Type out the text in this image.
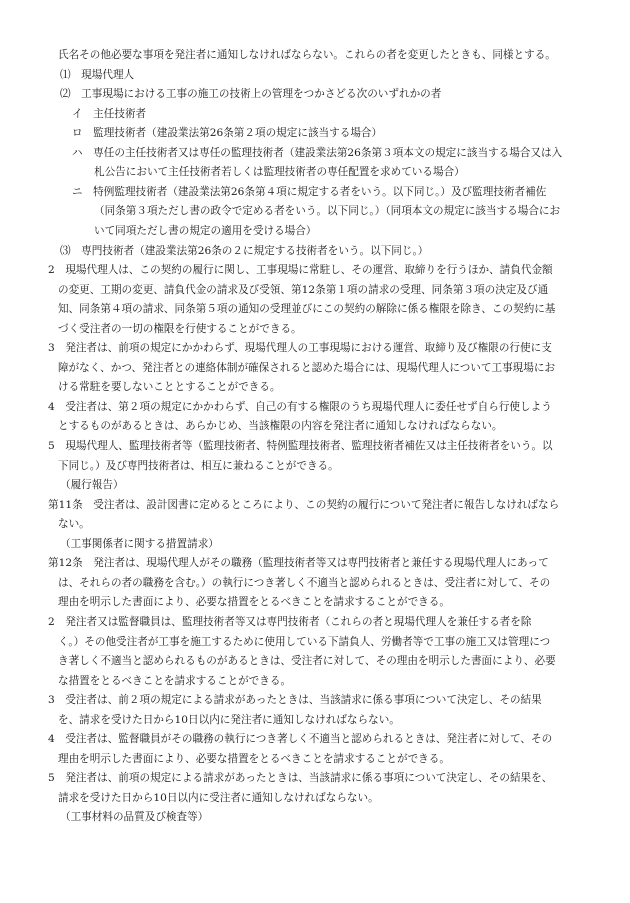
氏名その他必要な事項を発注者に通知しなければならない。これらの者を変更したときも、同様とする。
⑴　現場代理人
⑵　工事現場における工事の施工の技術上の管理をつかさどる次のいずれかの者
イ　主任技術者
ロ　監理技術者（建設業法第26条第２項の規定に該当する場合）
ハ　専任の主任技術者又は専任の監理技術者（建設業法第26条第３項本文の規定に該当する場合又は入
札公告において主任技術者若しくは監理技術者の専任配置を求めている場合）
ニ　特例監理技術者（建設業法第26条第４項に規定する者をいう。以下同じ。）及び監理技術者補佐
（同条第３項ただし書の政令で定める者をいう。以下同じ。）（同項本文の規定に該当する場合にお
いて同項ただし書の規定の適用を受ける場合）
⑶　専門技術者（建設業法第26条の２に規定する技術者をいう。以下同じ。）
2　現場代理人は、この契約の履行に関し、工事現場に常駐し、その運営、取締りを行うほか、請負代金額
の変更、工期の変更、請負代金の請求及び受領、第12条第１項の請求の受理、同条第３項の決定及び通
知、同条第４項の請求、同条第５項の通知の受理並びにこの契約の解除に係る権限を除き、この契約に基
づく受注者の一切の権限を行使することができる。
3　発注者は、前項の規定にかかわらず、現場代理人の工事現場における運営、取締り及び権限の行使に支
障がなく、かつ、発注者との連絡体制が確保されると認めた場合には、現場代理人について工事現場にお
ける常駐を要しないこととすることができる。
4　受注者は、第２項の規定にかかわらず、自己の有する権限のうち現場代理人に委任せず自ら行使しよう
とするものがあるときは、あらかじめ、当該権限の内容を発注者に通知しなければならない。
5　現場代理人、監理技術者等（監理技術者、特例監理技術者、監理技術者補佐又は主任技術者をいう。以
下同じ。）及び専門技術者は、相互に兼ねることができる。
（履行報告）
第11条　受注者は、設計図書に定めるところにより、この契約の履行について発注者に報告しなければなら
ない。
（工事関係者に関する措置請求）
第12条　発注者は、現場代理人がその職務（監理技術者等又は専門技術者と兼任する現場代理人にあって
は、それらの者の職務を含む。）の執行につき著しく不適当と認められるときは、受注者に対して、その
理由を明示した書面により、必要な措置をとるべきことを請求することができる。
2　発注者又は監督職員は、監理技術者等又は専門技術者（これらの者と現場代理人を兼任する者を除
く。）その他受注者が工事を施工するために使用している下請負人、労働者等で工事の施工又は管理につ
き著しく不適当と認められるものがあるときは、受注者に対して、その理由を明示した書面により、必要
な措置をとるべきことを請求することができる。
3　受注者は、前２項の規定による請求があったときは、当該請求に係る事項について決定し、その結果
を、請求を受けた日から10日以内に発注者に通知しなければならない。
4　受注者は、監督職員がその職務の執行につき著しく不適当と認められるときは、発注者に対して、その
理由を明示した書面により、必要な措置をとるべきことを請求することができる。
5　発注者は、前項の規定による請求があったときは、当該請求に係る事項について決定し、その結果を、
請求を受けた日から10日以内に受注者に通知しなければならない。
（工事材料の品質及び検査等）
